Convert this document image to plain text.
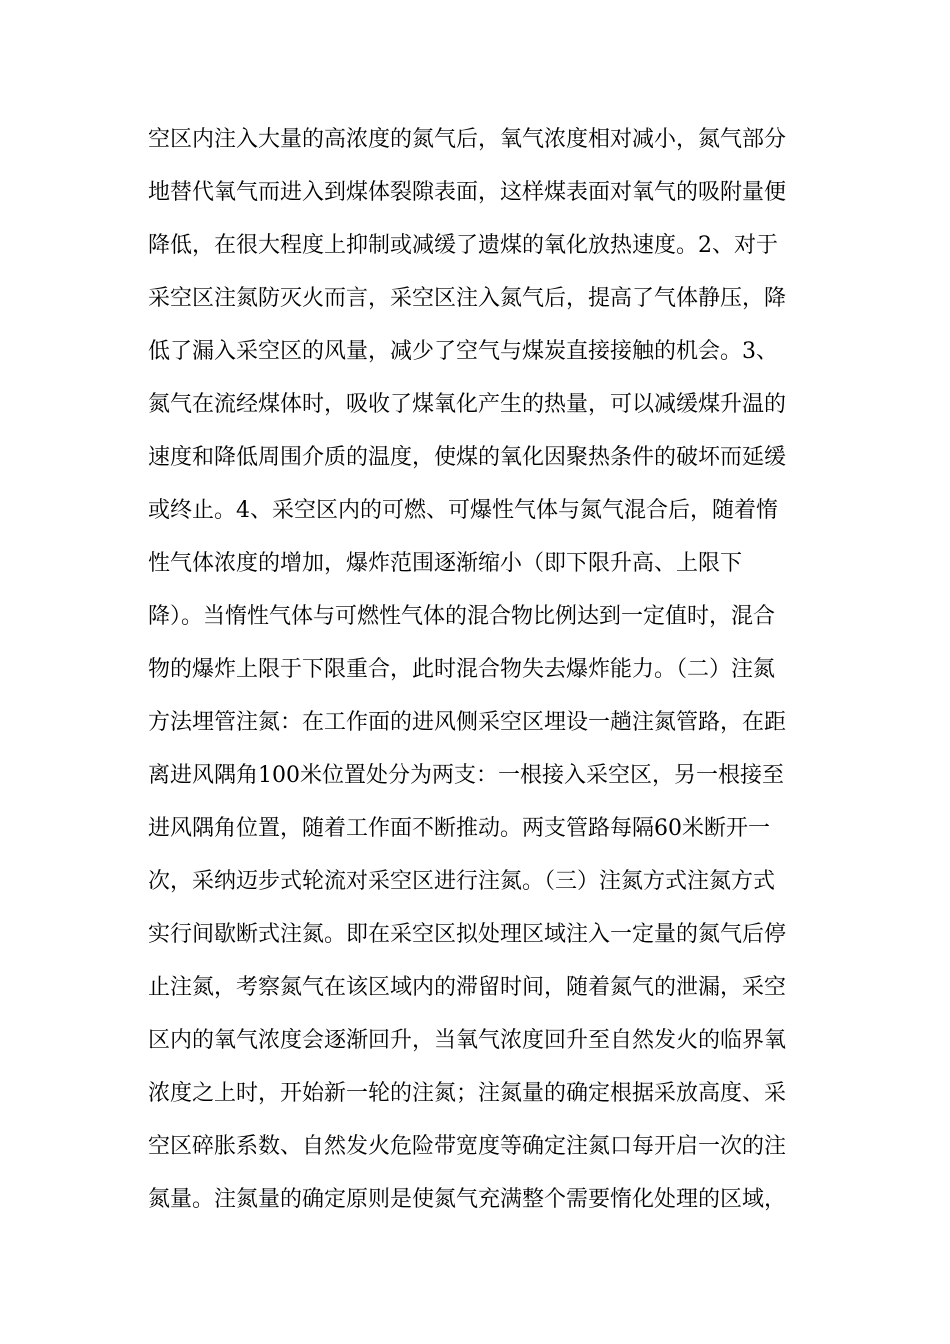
空区内注入大量的高浓度的氮气后，氧气浓度相对减小，氮气部分
地替代氧气而进入到煤体裂隙表面，这样煤表面对氧气的吸附量便
降低，在很大程度上抑制或减缓了遗煤的氧化放热速度。2、对于
采空区注氮防灭火而言，采空区注入氮气后，提高了气体静压，降
低了漏入采空区的风量，减少了空气与煤炭直接接触的机会。3、
氮气在流经煤体时，吸收了煤氧化产生的热量，可以减缓煤升温的
速度和降低周围介质的温度，使煤的氧化因聚热条件的破坏而延缓
或终止。4、采空区内的可燃、可爆性气体与氮气混合后，随着惰
性气体浓度的增加，爆炸范围逐渐缩小（即下限升高、上限下
降）。当惰性气体与可燃性气体的混合物比例达到一定值时，混合
物的爆炸上限于下限重合，此时混合物失去爆炸能力。（二）注氮
方法埋管注氮：在工作面的进风侧采空区埋设一趟注氮管路，在距
离进风隅角100米位置处分为两支：一根接入采空区，另一根接至
进风隅角位置，随着工作面不断推动。两支管路每隔60米断开一
次，采纳迈步式轮流对采空区进行注氮。（三）注氮方式注氮方式
实行间歇断式注氮。即在采空区拟处理区域注入一定量的氮气后停
止注氮，考察氮气在该区域内的滞留时间，随着氮气的泄漏，采空
区内的氧气浓度会逐渐回升，当氧气浓度回升至自然发火的临界氧
浓度之上时，开始新一轮的注氮；注氮量的确定根据采放高度、采
空区碎胀系数、自然发火危险带宽度等确定注氮口每开启一次的注
氮量。注氮量的确定原则是使氮气充满整个需要惰化处理的区域，
